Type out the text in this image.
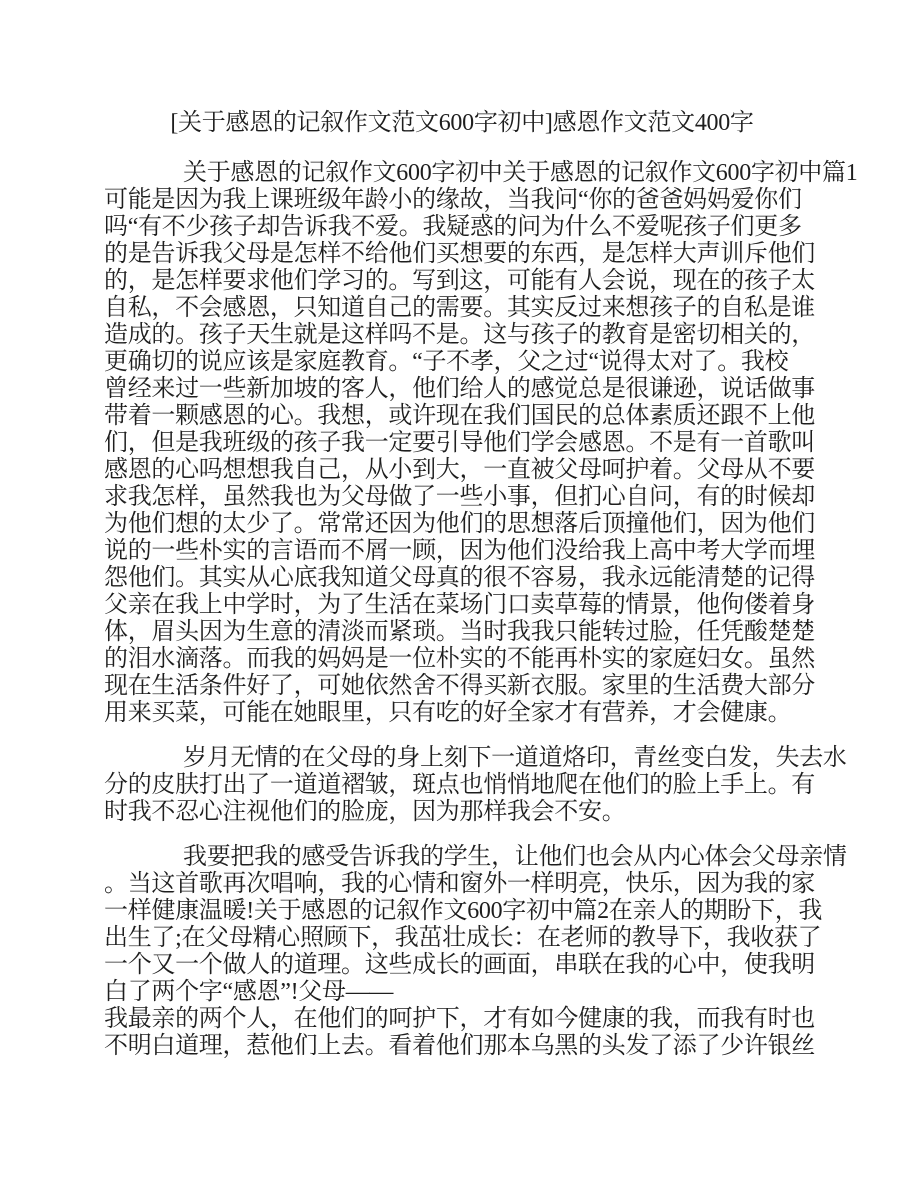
[关于感恩的记叙作文范文600字初中]感恩作文范文400字
关于感恩的记叙作文600字初中关于感恩的记叙作文600字初中篇1
可能是因为我上课班级年龄小的缘故，当我问“你的爸爸妈妈爱你们
吗“有不少孩子却告诉我不爱。我疑惑的问为什么不爱呢孩子们更多
的是告诉我父母是怎样不给他们买想要的东西，是怎样大声训斥他们
的，是怎样要求他们学习的。写到这，可能有人会说，现在的孩子太
自私，不会感恩，只知道自己的需要。其实反过来想孩子的自私是谁
造成的。孩子天生就是这样吗不是。这与孩子的教育是密切相关的，
更确切的说应该是家庭教育。“子不孝，父之过“说得太对了。我校
曾经来过一些新加坡的客人，他们给人的感觉总是很谦逊，说话做事
带着一颗感恩的心。我想，或许现在我们国民的总体素质还跟不上他
们，但是我班级的孩子我一定要引导他们学会感恩。不是有一首歌叫
感恩的心吗想想我自己，从小到大，一直被父母呵护着。父母从不要
求我怎样，虽然我也为父母做了一些小事，但扪心自问，有的时候却
为他们想的太少了。常常还因为他们的思想落后顶撞他们，因为他们
说的一些朴实的言语而不屑一顾，因为他们没给我上高中考大学而埋
怨他们。其实从心底我知道父母真的很不容易，我永远能清楚的记得
父亲在我上中学时，为了生活在菜场门口卖草莓的情景，他佝偻着身
体，眉头因为生意的清淡而紧琐。当时我我只能转过脸，任凭酸楚楚
的泪水滴落。而我的妈妈是一位朴实的不能再朴实的家庭妇女。虽然
现在生活条件好了，可她依然舍不得买新衣服。家里的生活费大部分
用来买菜，可能在她眼里，只有吃的好全家才有营养，才会健康。
岁月无情的在父母的身上刻下一道道烙印，青丝变白发，失去水
分的皮肤打出了一道道褶皱，斑点也悄悄地爬在他们的脸上手上。有
时我不忍心注视他们的脸庞，因为那样我会不安。
我要把我的感受告诉我的学生，让他们也会从内心体会父母亲情
。当这首歌再次唱响，我的心情和窗外一样明亮，快乐，因为我的家
一样健康温暖!关于感恩的记叙作文600字初中篇2在亲人的期盼下，我
出生了;在父母精心照顾下，我茁壮成长：在老师的教导下，我收获了
一个又一个做人的道理。这些成长的画面，串联在我的心中，使我明
白了两个字“感恩”!父母——
我最亲的两个人，在他们的呵护下，才有如今健康的我，而我有时也
不明白道理，惹他们上去。看着他们那本乌黑的头发了添了少许银丝
